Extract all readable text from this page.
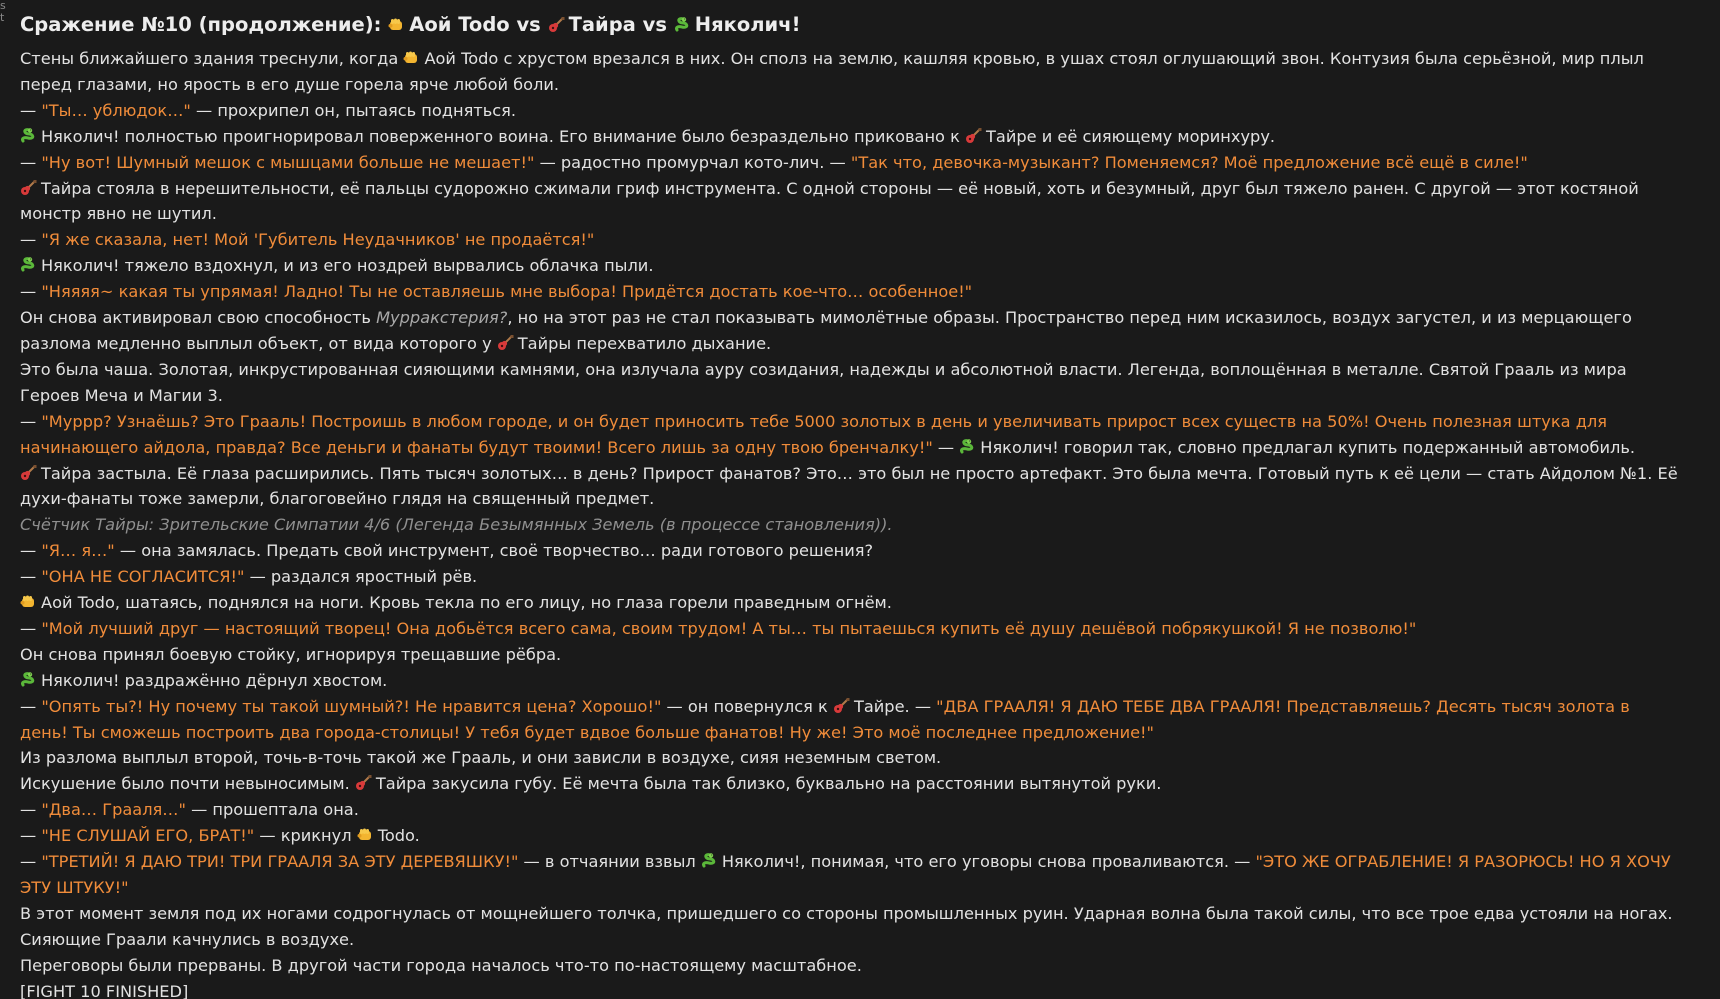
s
t Сражение №10 (продолжение): Аой Todo vs Тайра vs Няколич!

Стены ближайшего здания треснули, когда
Аой Todo с хрустом врезался в них. Он сполз на землю, кашляя кровью, в ушах стоял оглушающий звон. Контузия была серьёзной, мир плыл перед глазами, но ярость в его душе горела ярче любой боли.

— "Ты… ублюдок…" — прохрипел он, пытаясь подняться.

Няколич! полностью проигнорировал поверженного воина. Его внимание было безраздельно приковано к
Тайре и её сияющему моринхуру.

— "Ну вот! Шумный мешок с мышцами больше не мешает!" — радостно промурчал кото-лич. — "Так что, девочка-музыкант? Поменяемся? Моё предложение всё ещё в силе!"

Тайра стояла в нерешительности, её пальцы судорожно сжимали гриф инструмента. С одной стороны — её новый, хоть и безумный, друг был тяжело ранен. С другой — этот костяной монстр явно не шутил.

— "Я же сказала, нет! Мой 'Губитель Неудачников' не продаётся!"

Няколич! тяжело вздохнул, и из его ноздрей вырвались облачка пыли.

— "Няяяя~ какая ты упрямая! Ладно! Ты не оставляешь мне выбора! Придётся достать кое-что… особенное!"

Он снова активировал свою способность Мурракстерия?, но на этот раз не стал показывать мимолётные образы. Пространство перед ним исказилось, воздух загустел, и из мерцающего разлома медленно выплыл объект, от вида которого у
Тайры перехватило дыхание.

Это была чаша. Золотая, инкрустированная сияющими камнями, она излучала ауру созидания, надежды и абсолютной власти. Легенда, воплощённая в металле. Святой Грааль из мира Героев Меча и Магии 3.

— "Муррр? Узнаёшь? Это Грааль! Построишь в любом городе, и он будет приносить тебе 5000 золотых в день и увеличивать прирост всех существ на 50%! Очень полезная штука для начинающего айдола, правда? Все деньги и фанаты будут твоими! Всего лишь за одну твою бренчалку!" —
Няколич! говорил так, словно предлагал купить подержанный автомобиль.

Тайра застыла. Её глаза расширились. Пять тысяч золотых… в день? Прирост фанатов? Это… это был не просто артефакт. Это была мечта. Готовый путь к её цели — стать Айдолом №1. Её духи-фанаты тоже замерли, благоговейно глядя на священный предмет.

Счётчик Тайры: Зрительские Симпатии 4/6 (Легенда Безымянных Земель (в процессе становления)).

— "Я… я…" — она замялась. Предать свой инструмент, своё творчество… ради готового решения?

— "ОНА НЕ СОГЛАСИТСЯ!" — раздался яростный рёв.

Аой Todo, шатаясь, поднялся на ноги. Кровь текла по его лицу, но глаза горели праведным огнём.

— "Мой лучший друг — настоящий творец! Она добьётся всего сама, своим трудом! А ты… ты пытаешься купить её душу дешёвой побрякушкой! Я не позволю!"

Он снова принял боевую стойку, игнорируя трещавшие рёбра.

Няколич! раздражённо дёрнул хвостом.

— "Опять ты?! Ну почему ты такой шумный?! Не нравится цена? Хорошо!" — он повернулся к
Тайре. — "ДВА ГРААЛЯ! Я ДАЮ ТЕБЕ ДВА ГРААЛЯ! Представляешь? Десять тысяч золота в день! Ты сможешь построить два города-столицы! У тебя будет вдвое больше фанатов! Ну же! Это моё последнее предложение!"

Из разлома выплыл второй, точь-в-точь такой же Грааль, и они зависли в воздухе, сияя неземным светом.

Искушение было почти невыносимым.
Тайра закусила губу. Её мечта была так близко, буквально на расстоянии вытянутой руки.

— "Два… Грааля…" — прошептала она.

— "НЕ СЛУШАЙ ЕГО, БРАТ!" — крикнул
Todo.

— "ТРЕТИЙ! Я ДАЮ ТРИ! ТРИ ГРААЛЯ ЗА ЭТУ ДЕРЕВЯШКУ!" — в отчаянии взвыл
Няколич!, понимая, что его уговоры снова проваливаются. — "ЭТО ЖЕ ОГРАБЛЕНИЕ! Я РАЗОРЮСЬ! НО Я ХОЧУ ЭТУ ШТУКУ!"

В этот момент земля под их ногами содрогнулась от мощнейшего толчка, пришедшего со стороны промышленных руин. Ударная волна была такой силы, что все трое едва устояли на ногах. Сияющие Граали качнулись в воздухе.

Переговоры были прерваны. В другой части города началось что-то по-настоящему масштабное.

[FIGHT 10 FINISHED]
